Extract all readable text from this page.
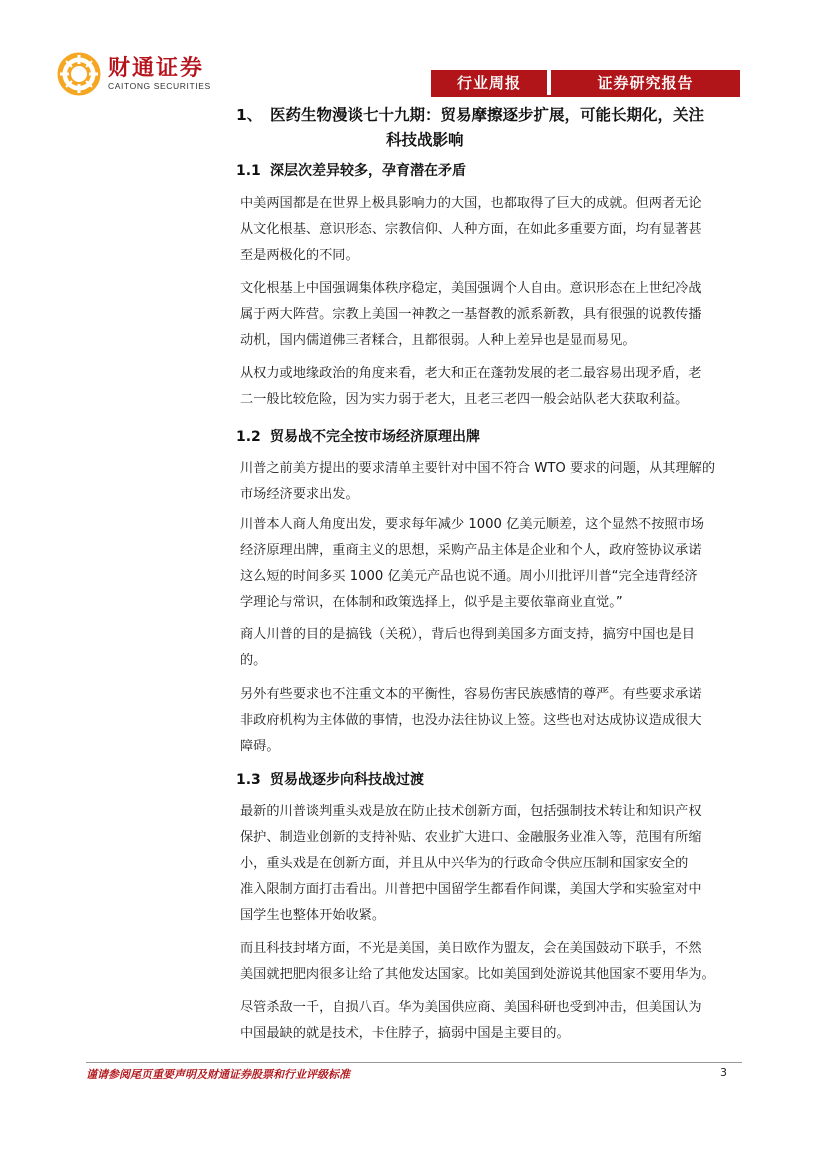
财通证券
CAITONG SECURITIES	行业周报	证券研究报告
1、 医药生物漫谈七十九期：贸易摩擦逐步扩展，可能长期化，关注
科技战影响
1.1 深层次差异较多，孕育潜在矛盾

中美两国都是在世界上极具影响力的大国，也都取得了巨大的成就。但两者无论
从文化根基、意识形态、宗教信仰、人种方面，在如此多重要方面，均有显著甚
至是两极化的不同。

文化根基上中国强调集体秩序稳定，美国强调个人自由。意识形态在上世纪冷战
属于两大阵营。宗教上美国一神教之一基督教的派系新教，具有很强的说教传播
动机，国内儒道佛三者糅合，且都很弱。人种上差异也是显而易见。

从权力或地缘政治的角度来看，老大和正在蓬勃发展的老二最容易出现矛盾，老
二一般比较危险，因为实力弱于老大，且老三老四一般会站队老大获取利益。

1.2 贸易战不完全按市场经济原理出牌

川普之前美方提出的要求清单主要针对中国不符合 WTO 要求的问题，从其理解的
市场经济要求出发。

川普本人商人角度出发，要求每年减少 1000 亿美元顺差，这个显然不按照市场
经济原理出牌，重商主义的思想，采购产品主体是企业和个人，政府签协议承诺
这么短的时间多买 1000 亿美元产品也说不通。周小川批评川普“完全违背经济
学理论与常识，在体制和政策选择上，似乎是主要依靠商业直觉。”

商人川普的目的是搞钱（关税），背后也得到美国多方面支持，搞穷中国也是目
的。

另外有些要求也不注重文本的平衡性，容易伤害民族感情的尊严。有些要求承诺
非政府机构为主体做的事情，也没办法往协议上签。这些也对达成协议造成很大
障碍。

1.3 贸易战逐步向科技战过渡

最新的川普谈判重头戏是放在防止技术创新方面，包括强制技术转让和知识产权
保护、制造业创新的支持补贴、农业扩大进口、金融服务业准入等，范围有所缩
小，重头戏是在创新方面，并且从中兴华为的行政命令供应压制和国家安全的
准入限制方面打击看出。川普把中国留学生都看作间谍，美国大学和实验室对中
国学生也整体开始收紧。

而且科技封堵方面，不光是美国，美日欧作为盟友，会在美国鼓动下联手，不然
美国就把肥肉很多让给了其他发达国家。比如美国到处游说其他国家不要用华为。

尽管杀敌一千，自损八百。华为美国供应商、美国科研也受到冲击，但美国认为
中国最缺的就是技术，卡住脖子，搞弱中国是主要目的。

谨请参阅尾页重要声明及财通证券股票和行业评级标准	3
